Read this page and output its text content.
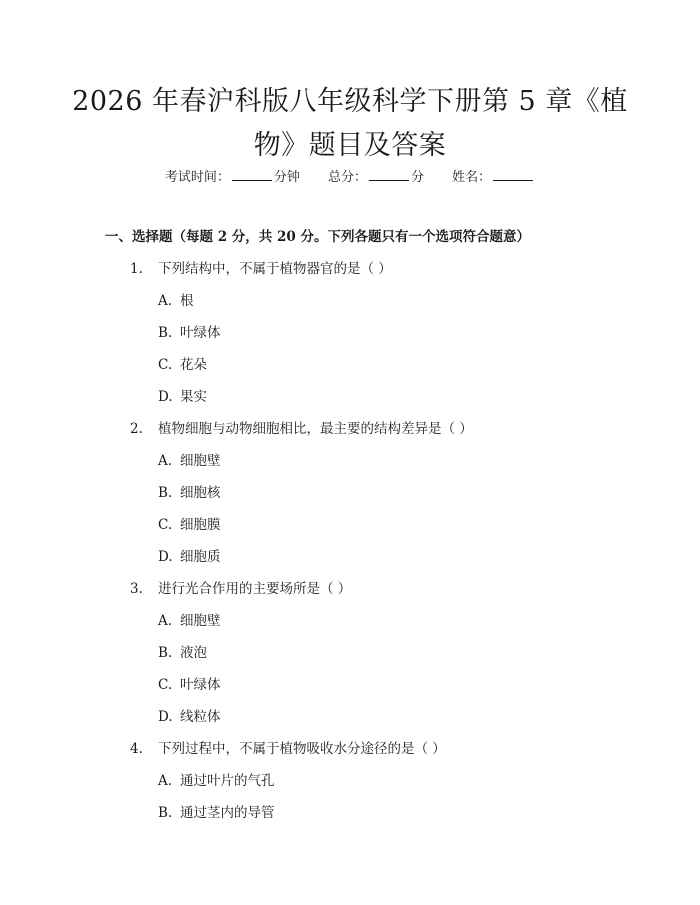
2026 年春沪科版八年级科学下册第 5 章《植
物》题目及答案
考试时间：	分钟 总分：	分 姓名：
一、选择题（每题 2 分，共 20 分。下列各题只有一个选项符合题意）
1. 下列结构中，不属于植物器官的是（ ）
A. 根
B. 叶绿体
C. 花朵
D. 果实
2. 植物细胞与动物细胞相比，最主要的结构差异是（ ）
A. 细胞壁
B. 细胞核
C. 细胞膜
D. 细胞质
3. 进行光合作用的主要场所是（ ）
A. 细胞壁
B. 液泡
C. 叶绿体
D. 线粒体
4. 下列过程中，不属于植物吸收水分途径的是（ ）
A. 通过叶片的气孔
B. 通过茎内的导管
